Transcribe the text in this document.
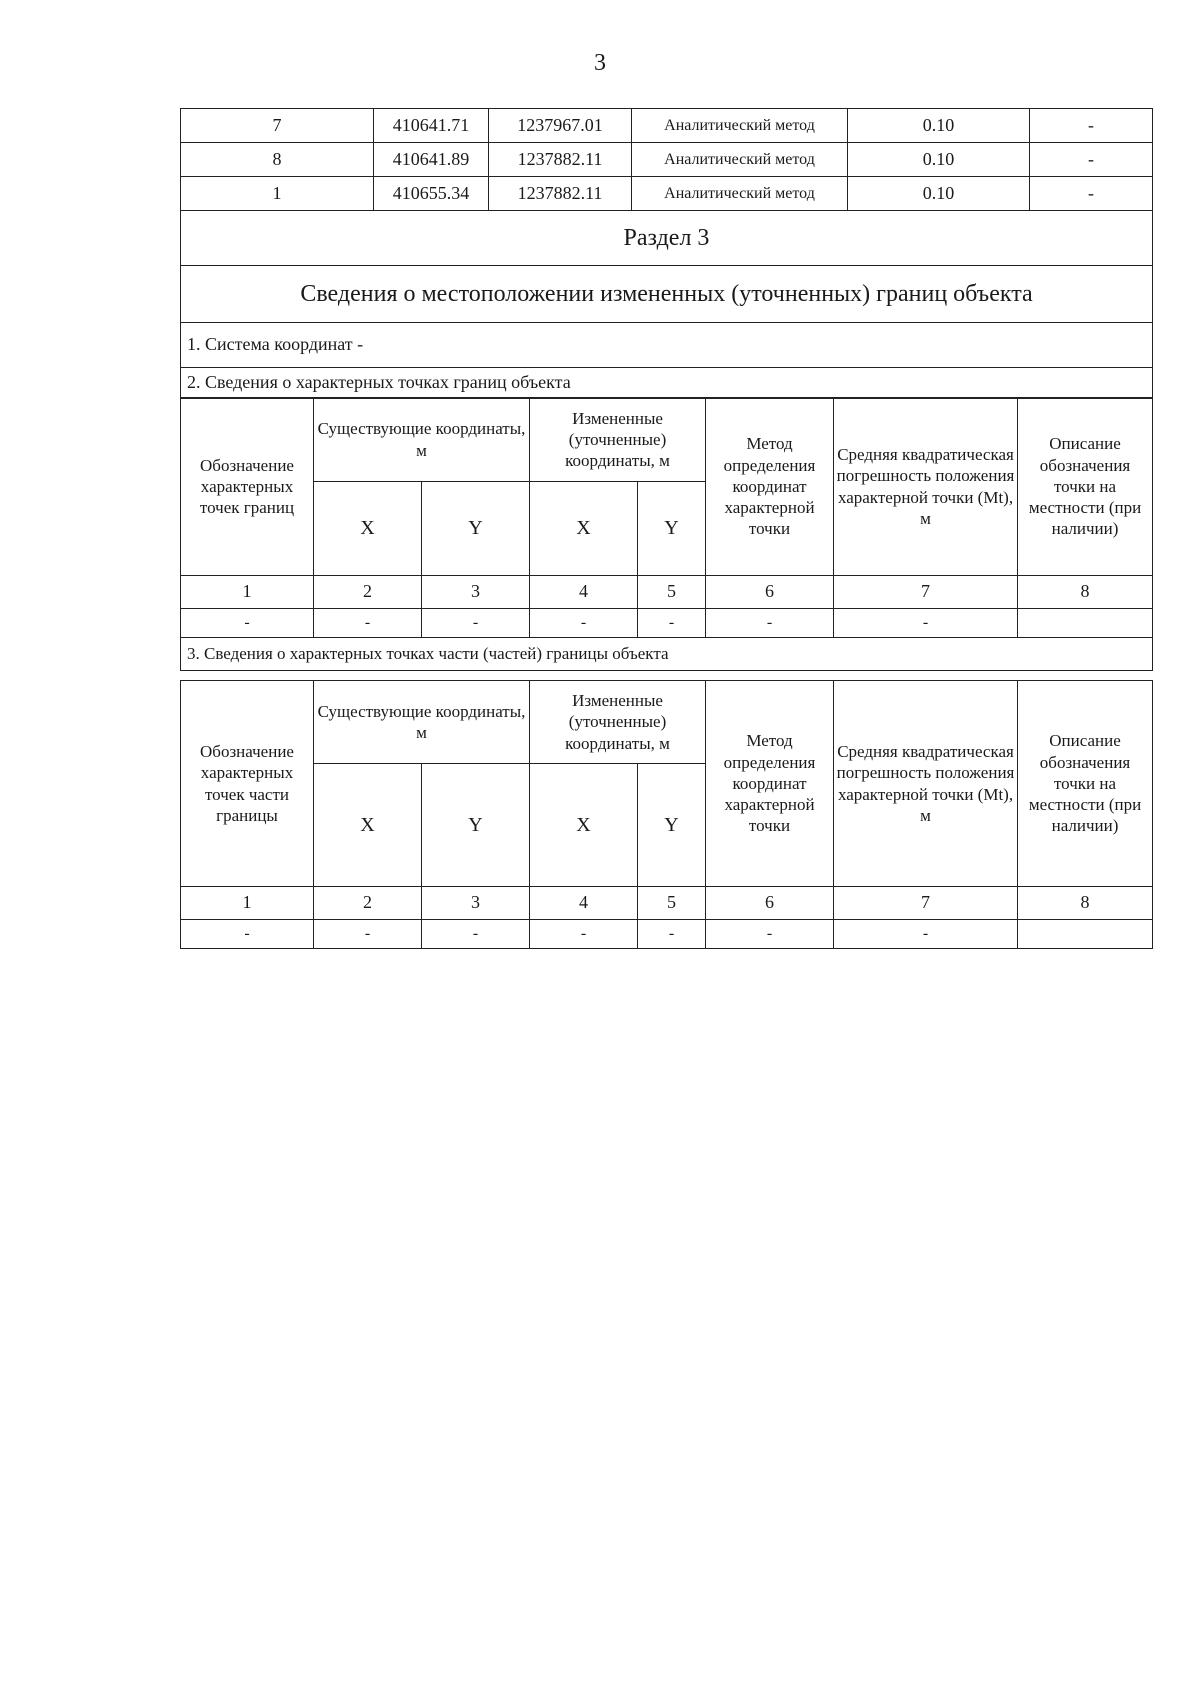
3
7	410641.71	1237967.01	Аналитический метод	0.10	-
8	410641.89	1237882.11	Аналитический метод	0.10	-
1	410655.34	1237882.11	Аналитический метод	0.10	-
Раздел 3					
Сведения о местоположении измененных (уточненных) границ объекта					
1. Система координат -					
2. Сведения о характерных точках границ объекта					
Обозначение характерных точек границ	Существующие координаты, м		Измененные (уточненные) координаты, м		Метод определения координат характерной точки	Средняя квадратическая погрешность положения характерной точки (Mt), м	Описание обозначения точки на местности (при наличии)
	X	Y	X	Y			
1	2	3	4	5	6	7	8
-	-	-	-	-	-	-	
3. Сведения о характерных точках части (частей) границы объекта							
Обозначение характерных точек части границы	Существующие координаты, м		Измененные (уточненные) координаты, м		Метод определения координат характерной точки	Средняя квадратическая погрешность положения характерной точки (Mt), м	Описание обозначения точки на местности (при наличии)
	X	Y	X	Y			
1	2	3	4	5	6	7	8
-	-	-	-	-	-	-	
